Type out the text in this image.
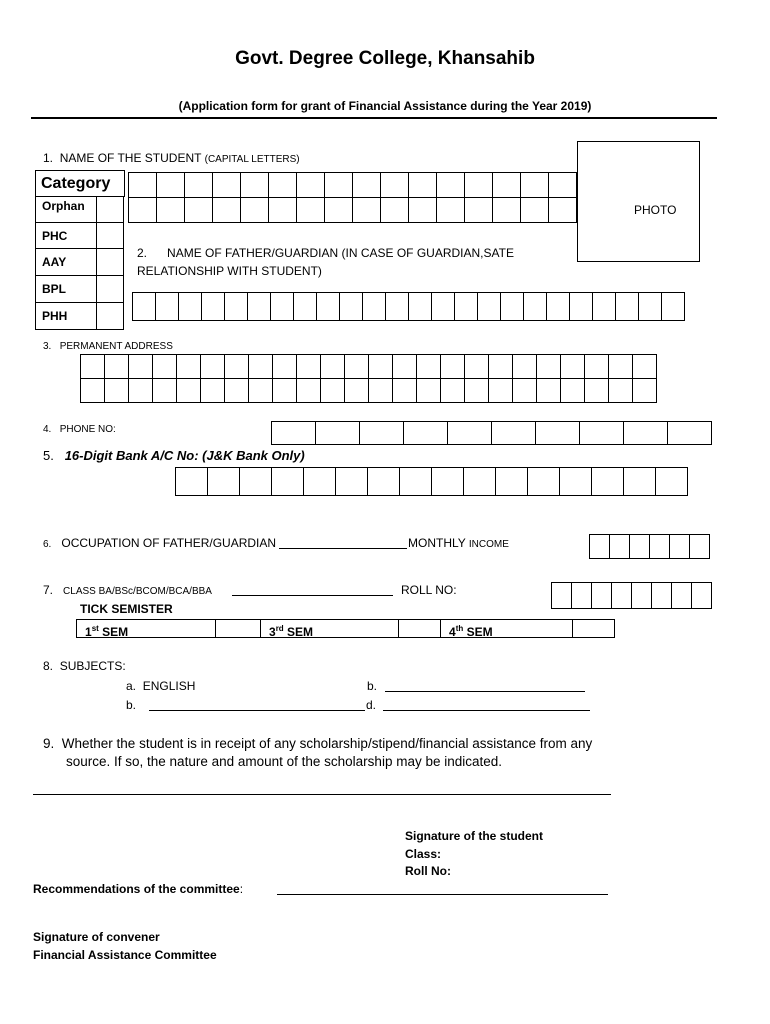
Govt. Degree College, Khansahib
(Application form for grant of Financial Assistance during the Year 2019)
1. NAME OF THE STUDENT (CAPITAL LETTERS)
PHOTO
Category
Orphan
PHC
AAY
BPL
PHH
2. NAME OF FATHER/GUARDIAN (IN CASE OF GUARDIAN,SATE
RELATIONSHIP WITH STUDENT)
3. PERMANENT ADDRESS
4. PHONE NO:
5. 16-Digit Bank A/C No: (J&K Bank Only)
6. OCCUPATION OF FATHER/GUARDIAN	MONTHLY INCOME
7. CLASS BA/BSc/BCOM/BCA/BBA	ROLL NO:
TICK SEMISTER
1st SEM	3rd SEM	4th SEM
8. SUBJECTS:
a. ENGLISH	b.
b.	d.
9. Whether the student is in receipt of any scholarship/stipend/financial assistance from any
source. If so, the nature and amount of the scholarship may be indicated.
Signature of the student
Class:
Roll No:
Recommendations of the committee:
Signature of convener
Financial Assistance Committee
